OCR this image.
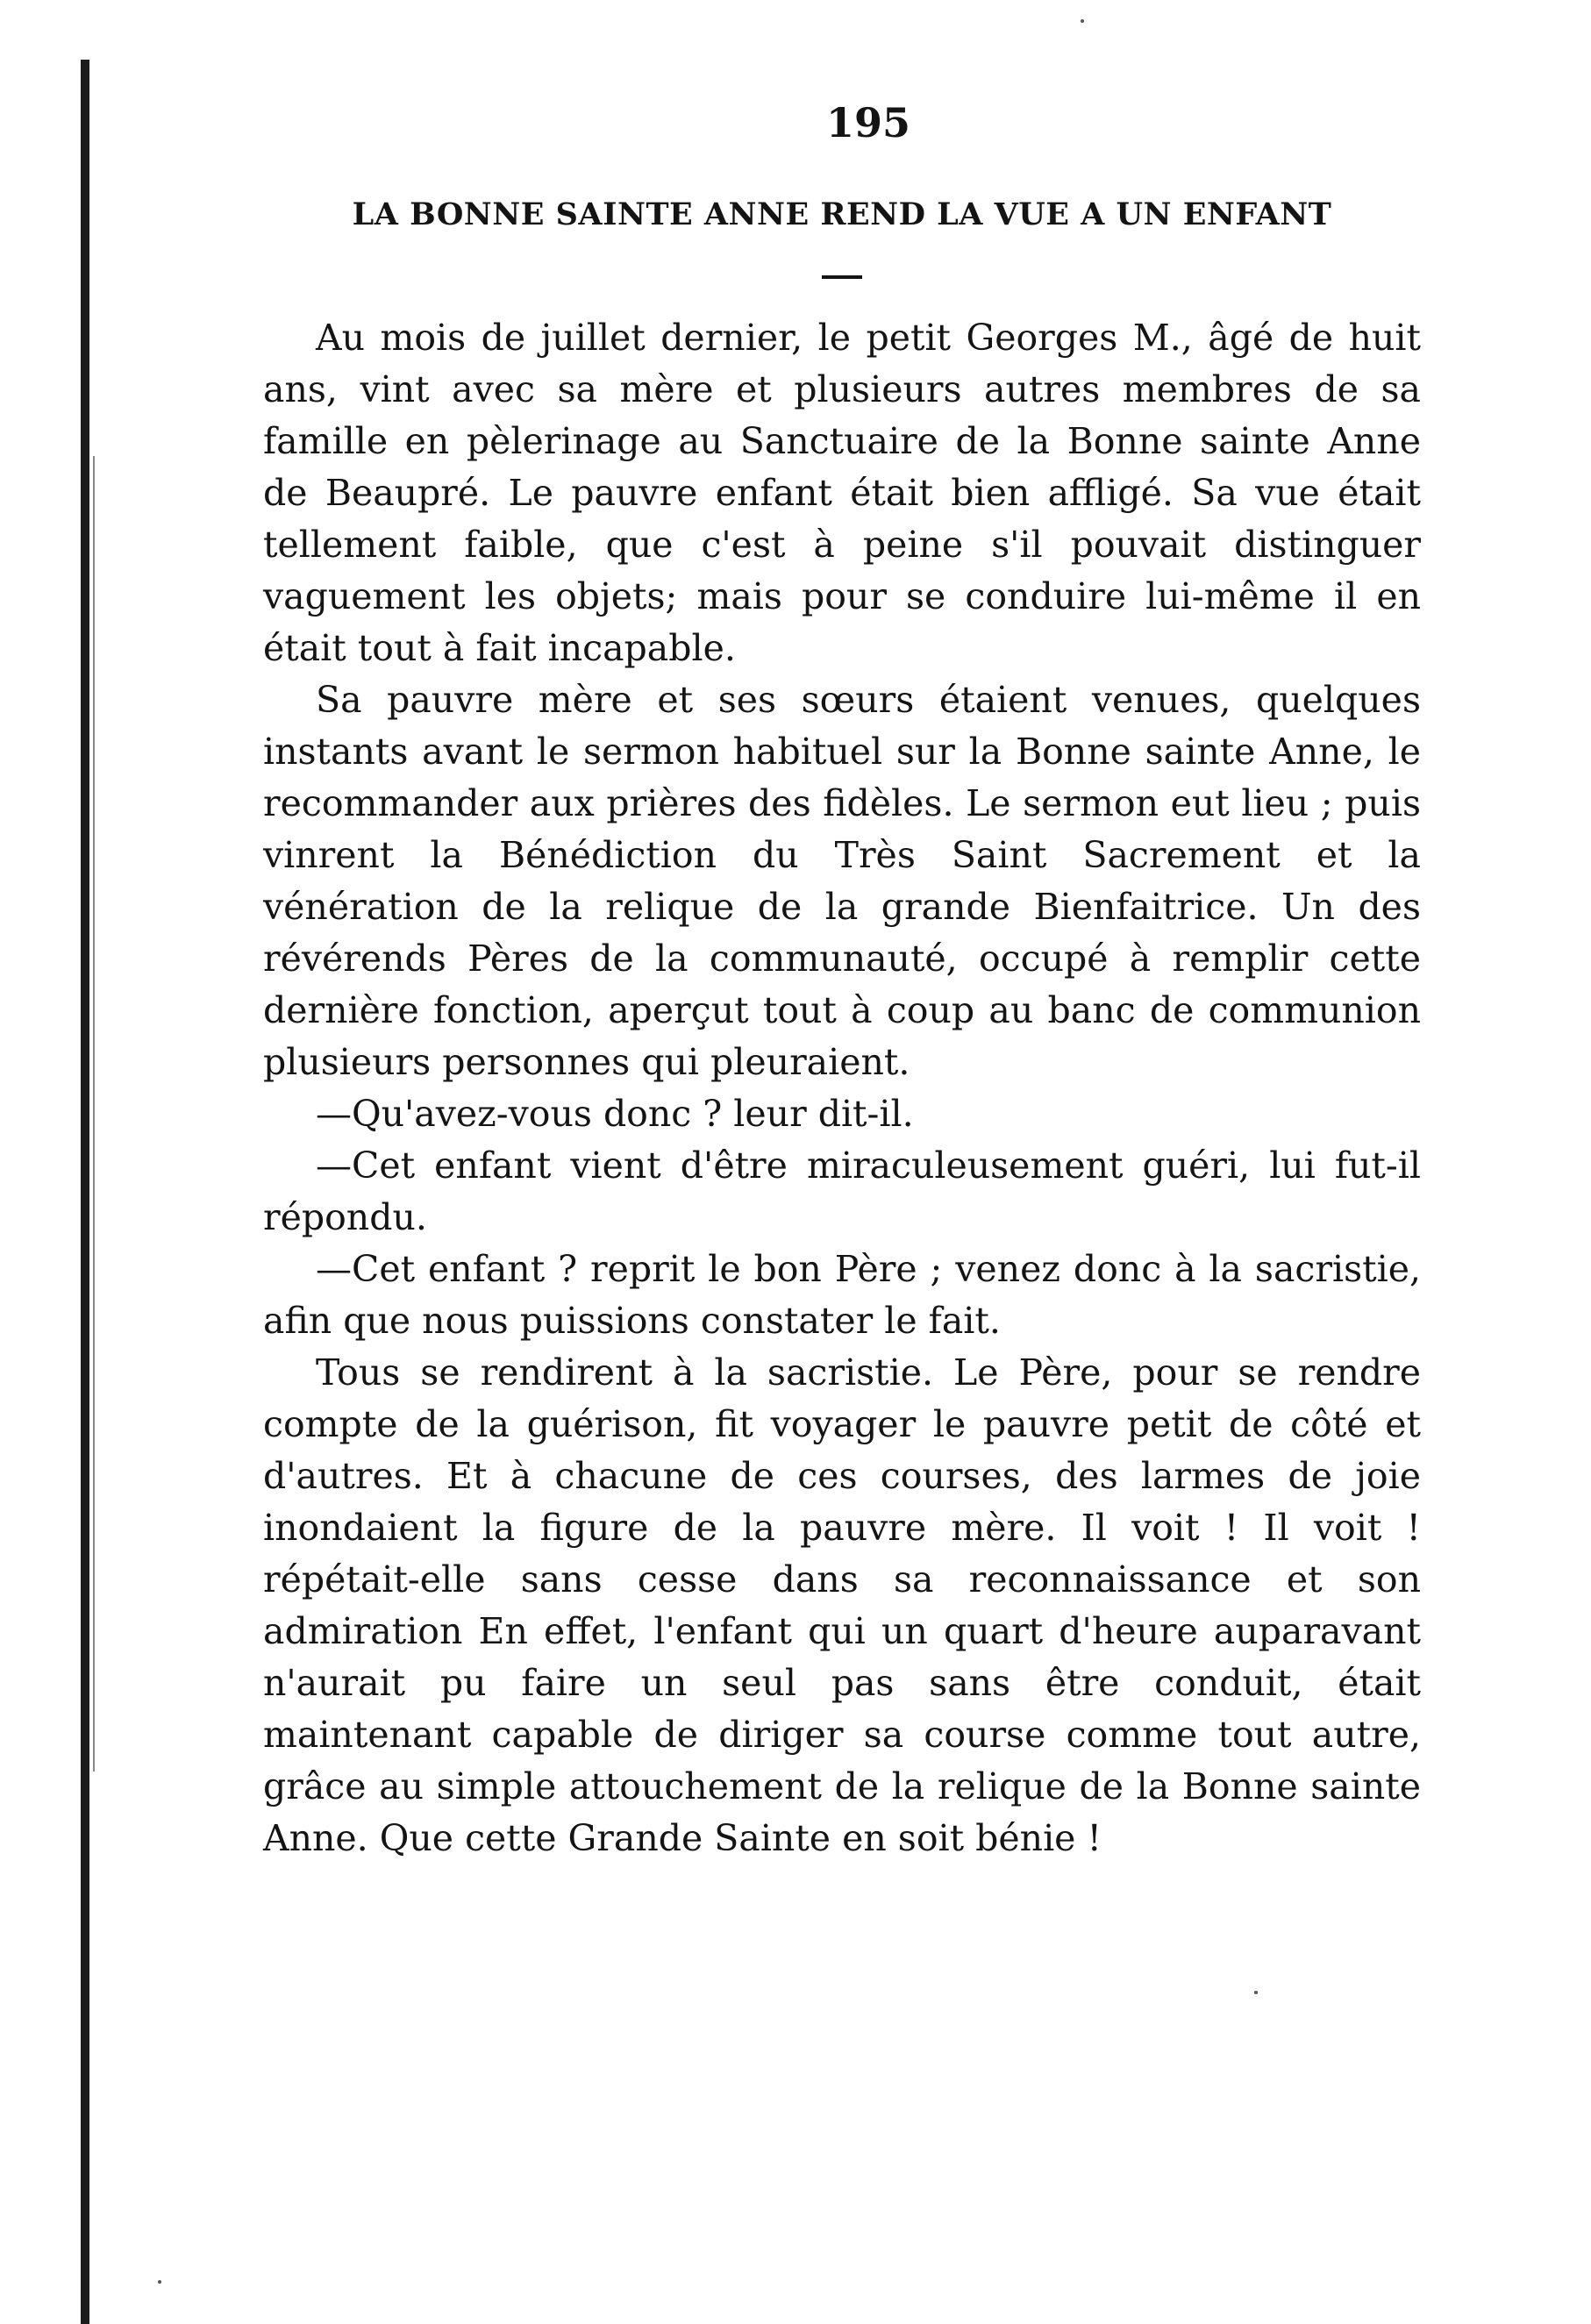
195
LA BONNE SAINTE ANNE REND LA VUE A UN ENFANT

Au mois de juillet dernier, le petit Georges M., âgé de huit ans, vint avec sa mère et plusieurs autres membres de sa famille en pèlerinage au Sanctuaire de la Bonne sainte Anne de Beaupré. Le pauvre enfant était bien affligé. Sa vue était tellement faible, que c'est à peine s'il pouvait distinguer vaguement les objets; mais pour se conduire lui-même il en était tout à fait incapable.

Sa pauvre mère et ses sœurs étaient venues, quelques instants avant le sermon habituel sur la Bonne sainte Anne, le recommander aux prières des fidèles. Le sermon eut lieu ; puis vinrent la Bénédiction du Très Saint Sacrement et la vénération de la relique de la grande Bienfaitrice. Un des révérends Pères de la communauté, occupé à remplir cette dernière fonction, aperçut tout à coup au banc de communion plusieurs personnes qui pleuraient.

—Qu'avez-vous donc ? leur dit-il.

—Cet enfant vient d'être miraculeusement guéri, lui fut-il répondu.

—Cet enfant ? reprit le bon Père ; venez donc à la sacristie, afin que nous puissions constater le fait.

Tous se rendirent à la sacristie. Le Père, pour se rendre compte de la guérison, fit voyager le pauvre petit de côté et d'autres. Et à chacune de ces courses, des larmes de joie inondaient la figure de la pauvre mère. Il voit ! Il voit ! répétait-elle sans cesse dans sa reconnaissance et son admiration En effet, l'enfant qui un quart d'heure auparavant n'aurait pu faire un seul pas sans être conduit, était maintenant capable de diriger sa course comme tout autre, grâce au simple attouchement de la relique de la Bonne sainte Anne. Que cette Grande Sainte en soit bénie !
